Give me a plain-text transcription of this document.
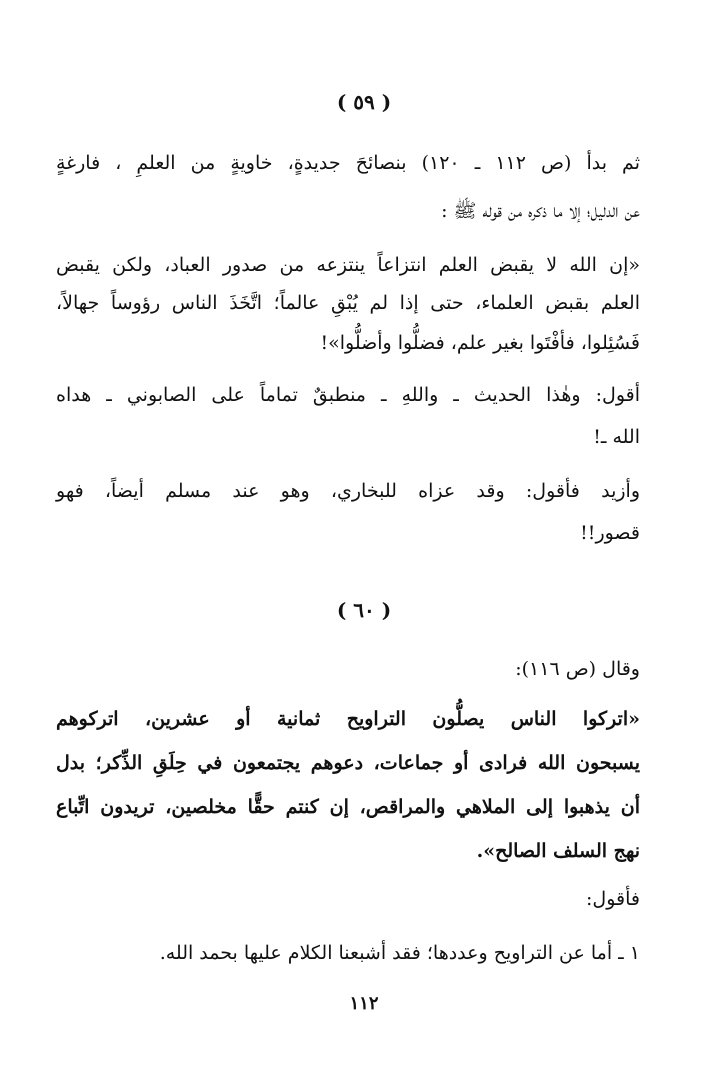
( ٥٩ )
ثم بدأ (ص ١١٢ ـ ١٢٠) بنصائحَ جديدةٍ، خاويةٍ من العلمِ ، فارغةٍ
عن الدليل؛ إلا ما ذكره من قوله ﷺ :
«إن الله لا يقبض العلم انتزاعاً ينتزعه من صدور العباد، ولكن يقبض
العلم بقبض العلماء، حتى إذا لم يُبْقِ عالماً؛ اتَّخَذَ الناس رؤوساً جهالاً،
فَسُئِلوا، فأفْتَوا بغير علم، فضلُّوا وأضلُّوا»!
أقول: وهٰذا الحديث ـ واللهِ ـ منطبقٌ تماماً على الصابوني ـ هداه
الله ـ!
وأزيد فأقول: وقد عزاه للبخاري، وهو عند مسلم أيضاً، فهو
قصور!!
( ٦٠ )
وقال (ص ١١٦):
«اتركوا الناس يصلُّون التراويح ثمانية أو عشرين، اتركوهم
يسبحون الله فرادى أو جماعات، دعوهم يجتمعون في حِلَقِ الذِّكر؛ بدل
أن يذهبوا إلى الملاهي والمراقص، إن كنتم حقًّا مخلصين، تريدون اتِّباع
نهج السلف الصالح».
فأقول:
١ ـ أما عن التراويح وعددها؛ فقد أشبعنا الكلام عليها بحمد الله.
١١٢
